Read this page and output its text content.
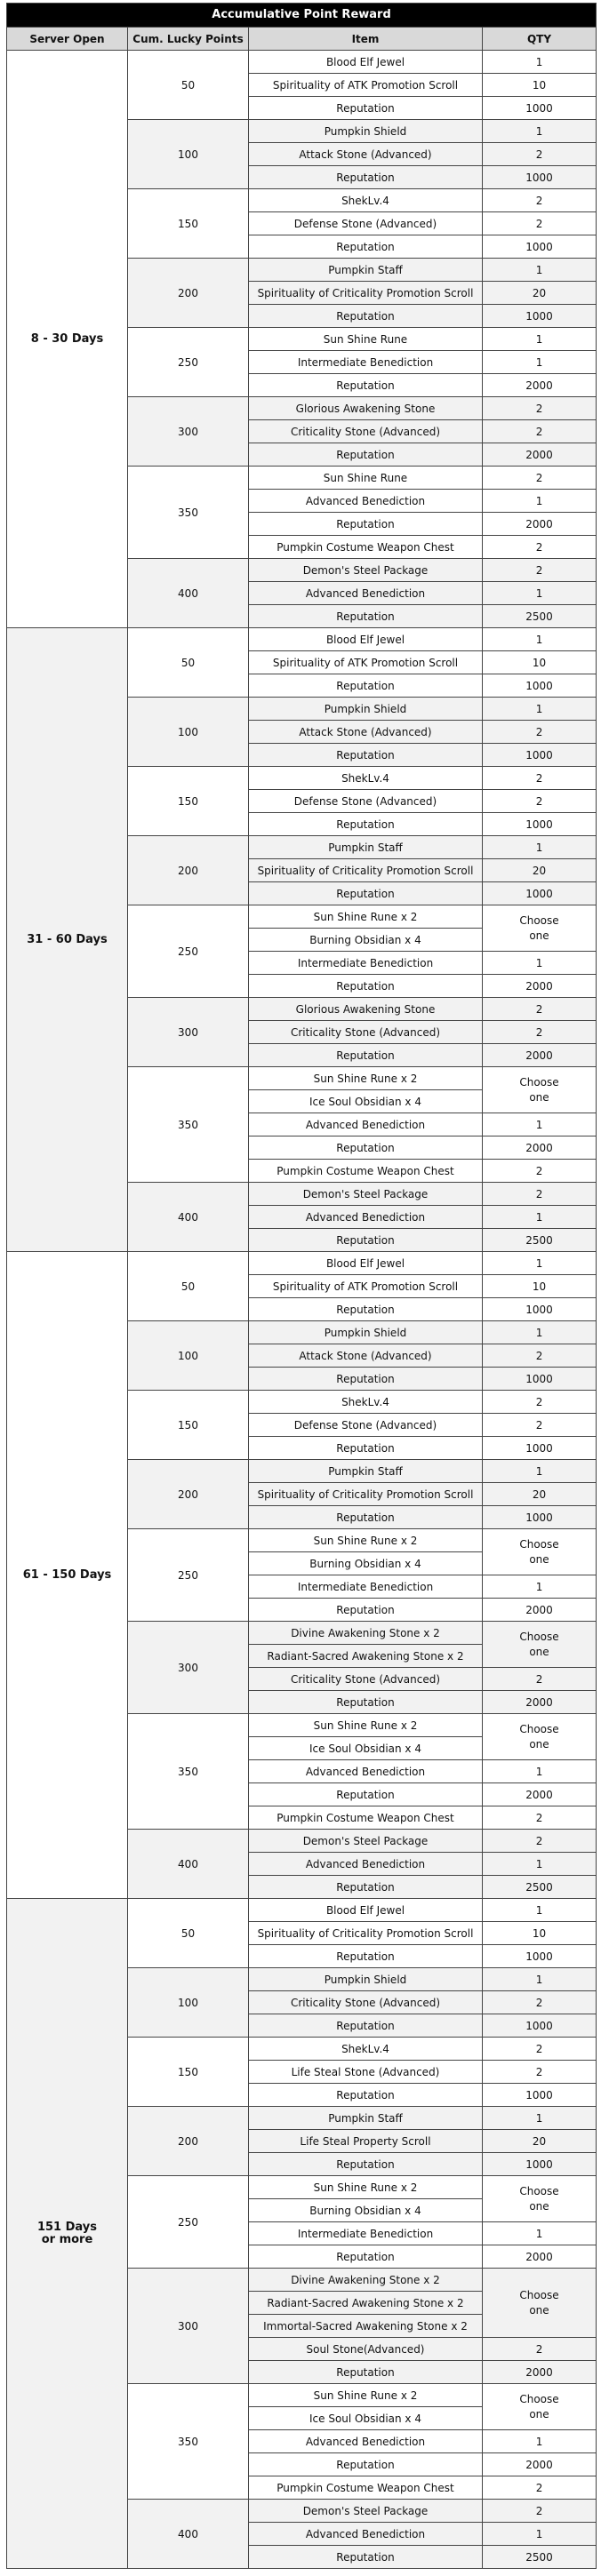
Accumulative Point Reward			
Server Open	Cum. Lucky Points	Item	QTY
8 - 30 Days	50	Blood Elf Jewel	1
		Spirituality of ATK Promotion Scroll	10
		Reputation	1000
	100	Pumpkin Shield	1
		Attack Stone (Advanced)	2
		Reputation	1000
	150	ShekLv.4	2
		Defense Stone (Advanced)	2
		Reputation	1000
	200	Pumpkin Staff	1
		Spirituality of Criticality Promotion Scroll	20
		Reputation	1000
	250	Sun Shine Rune	1
		Intermediate Benediction	1
		Reputation	2000
	300	Glorious Awakening Stone	2
		Criticality Stone (Advanced)	2
		Reputation	2000
	350	Sun Shine Rune	2
		Advanced Benediction	1
		Reputation	2000
		Pumpkin Costume Weapon Chest	2
	400	Demon's Steel Package	2
		Advanced Benediction	1
		Reputation	2500
31 - 60 Days	50	Blood Elf Jewel	1
		Spirituality of ATK Promotion Scroll	10
		Reputation	1000
	100	Pumpkin Shield	1
		Attack Stone (Advanced)	2
		Reputation	1000
	150	ShekLv.4	2
		Defense Stone (Advanced)	2
		Reputation	1000
	200	Pumpkin Staff	1
		Spirituality of Criticality Promotion Scroll	20
		Reputation	1000
	250	Sun Shine Rune x 2	Choose
one
		Burning Obsidian x 4	
		Intermediate Benediction	1
		Reputation	2000
	300	Glorious Awakening Stone	2
		Criticality Stone (Advanced)	2
		Reputation	2000
	350	Sun Shine Rune x 2	Choose
one
		Ice Soul Obsidian x 4	
		Advanced Benediction	1
		Reputation	2000
		Pumpkin Costume Weapon Chest	2
	400	Demon's Steel Package	2
		Advanced Benediction	1
		Reputation	2500
61 - 150 Days	50	Blood Elf Jewel	1
		Spirituality of ATK Promotion Scroll	10
		Reputation	1000
	100	Pumpkin Shield	1
		Attack Stone (Advanced)	2
		Reputation	1000
	150	ShekLv.4	2
		Defense Stone (Advanced)	2
		Reputation	1000
	200	Pumpkin Staff	1
		Spirituality of Criticality Promotion Scroll	20
		Reputation	1000
	250	Sun Shine Rune x 2	Choose
one
		Burning Obsidian x 4	
		Intermediate Benediction	1
		Reputation	2000
	300	Divine Awakening Stone x 2	Choose
one
		Radiant-Sacred Awakening Stone x 2	
		Criticality Stone (Advanced)	2
		Reputation	2000
	350	Sun Shine Rune x 2	Choose
one
		Ice Soul Obsidian x 4	
		Advanced Benediction	1
		Reputation	2000
		Pumpkin Costume Weapon Chest	2
	400	Demon's Steel Package	2
		Advanced Benediction	1
		Reputation	2500
151 Days
or more	50	Blood Elf Jewel	1
		Spirituality of Criticality Promotion Scroll	10
		Reputation	1000
	100	Pumpkin Shield	1
		Criticality Stone (Advanced)	2
		Reputation	1000
	150	ShekLv.4	2
		Life Steal Stone (Advanced)	2
		Reputation	1000
	200	Pumpkin Staff	1
		Life Steal Property Scroll	20
		Reputation	1000
	250	Sun Shine Rune x 2	Choose
one
		Burning Obsidian x 4	
		Intermediate Benediction	1
		Reputation	2000
	300	Divine Awakening Stone x 2	Choose
one
		Radiant-Sacred Awakening Stone x 2	
		Immortal-Sacred Awakening Stone x 2	
		Soul Stone(Advanced)	2
		Reputation	2000
	350	Sun Shine Rune x 2	Choose
one
		Ice Soul Obsidian x 4	
		Advanced Benediction	1
		Reputation	2000
		Pumpkin Costume Weapon Chest	2
	400	Demon's Steel Package	2
		Advanced Benediction	1
		Reputation	2500
